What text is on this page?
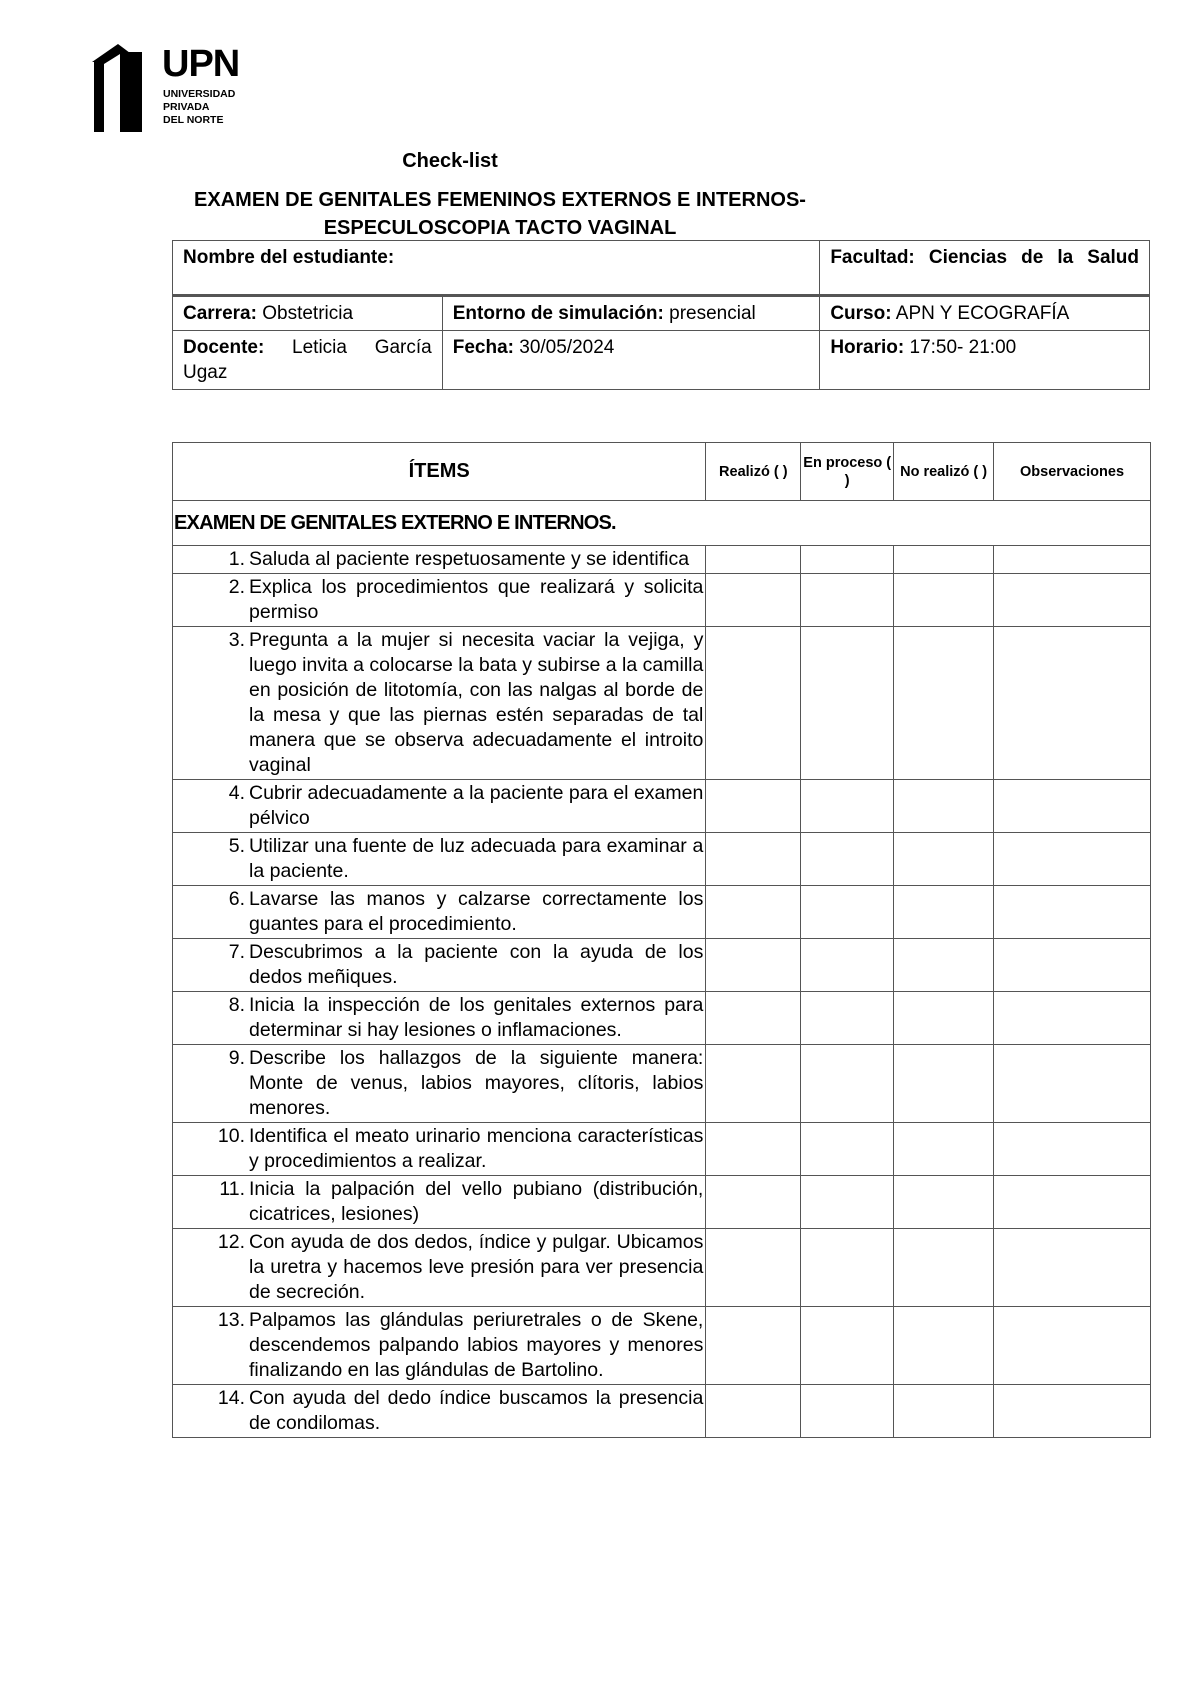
UPN
UNIVERSIDAD
PRIVADA
DEL NORTE
Check-list
EXAMEN DE GENITALES FEMENINOS EXTERNOS E INTERNOS-ESPECULOSCOPIA TACTO VAGINAL
Nombre del estudiante:		Facultad: Ciencias de la Salud

Carrera: Obstetricia	Entorno de simulación: presencial	Curso: APN Y ECOGRAFÍA

Docente: Leticia García Ugaz	Fecha: 30/05/2024	Horario: 17:50- 21:00
ÍTEMS	Realizó ( )	En proceso ( )	No realizó ( )	Observaciones
EXAMEN DE GENITALES EXTERNO E INTERNOS.				

1. Saluda al paciente respetuosamente y se identifica				

2. Explica los procedimientos que realizará y solicita permiso				

3. Pregunta a la mujer si necesita vaciar la vejiga, y luego invita a colocarse la bata y subirse a la camilla en posición de litotomía, con las nalgas al borde de la mesa y que las piernas estén separadas de tal manera que se observa adecuadamente el introito vaginal				

4. Cubrir adecuadamente a la paciente para el examen pélvico				

5. Utilizar una fuente de luz adecuada para examinar a la paciente.				

6. Lavarse las manos y calzarse correctamente los guantes para el procedimiento.				

7. Descubrimos a la paciente con la ayuda de los dedos meñiques.				

8. Inicia la inspección de los genitales externos para determinar si hay lesiones o inflamaciones.				

9. Describe los hallazgos de la siguiente manera: Monte de venus, labios mayores, clítoris, labios menores.				

10. Identifica el meato urinario menciona características y procedimientos a realizar.				

11. Inicia la palpación del vello pubiano (distribución, cicatrices, lesiones)				

12. Con ayuda de dos dedos, índice y pulgar. Ubicamos la uretra y hacemos leve presión para ver presencia de secreción.				

13. Palpamos las glándulas periuretrales o de Skene, descendemos palpando labios mayores y menores finalizando en las glándulas de Bartolino.				

14. Con ayuda del dedo índice buscamos la presencia de condilomas.				
